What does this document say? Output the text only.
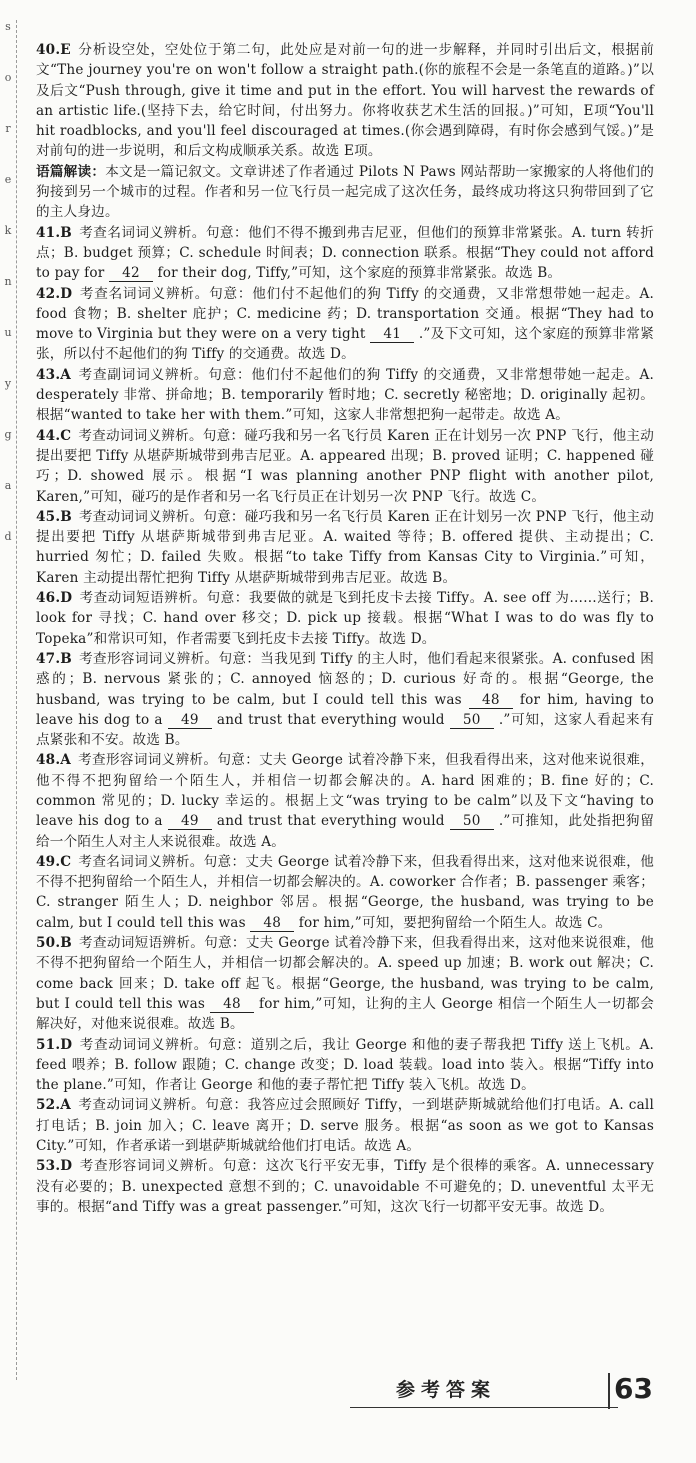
s
o
r
e
k
n
u
y
g
a
d

40.E 分析设空处，空处位于第二句，此处应是对前一句的进一步解释，并同时引出后文，根据前文“The journey you're on won't follow a straight path.(你的旅程不会是一条笔直的道路。)”以及后文“Push through, give it time and put in the effort. You will harvest the rewards of an artistic life.(坚持下去，给它时间，付出努力。你将收获艺术生活的回报。)”可知，E项“You'll hit roadblocks, and you'll feel discouraged at times.(你会遇到障碍，有时你会感到气馁。)”是对前句的进一步说明，和后文构成顺承关系。故选 E项。

语篇解读：本文是一篇记叙文。文章讲述了作者通过 Pilots N Paws 网站帮助一家搬家的人将他们的狗接到另一个城市的过程。作者和另一位飞行员一起完成了这次任务，最终成功将这只狗带回到了它的主人身边。

41.B 考查名词词义辨析。句意：他们不得不搬到弗吉尼亚，但他们的预算非常紧张。A. turn 转折点；B. budget 预算；C. schedule 时间表；D. connection 联系。根据“They could not afford to pay for 42 for their dog, Tiffy,”可知，这个家庭的预算非常紧张。故选 B。

42.D 考查名词词义辨析。句意：他们付不起他们的狗 Tiffy 的交通费，又非常想带她一起走。A. food 食物；B. shelter 庇护；C. medicine 药；D. transportation 交通。根据“They had to move to Virginia but they were on a very tight 41 .”及下文可知，这个家庭的预算非常紧张，所以付不起他们的狗 Tiffy 的交通费。故选 D。

43.A 考查副词词义辨析。句意：他们付不起他们的狗 Tiffy 的交通费，又非常想带她一起走。A. desperately 非常、拼命地；B. temporarily 暂时地；C. secretly 秘密地；D. originally 起初。根据“wanted to take her with them.”可知，这家人非常想把狗一起带走。故选 A。

44.C 考查动词词义辨析。句意：碰巧我和另一名飞行员 Karen 正在计划另一次 PNP 飞行，他主动提出要把 Tiffy 从堪萨斯城带到弗吉尼亚。A. appeared 出现；B. proved 证明；C. happened 碰巧；D. showed 展示。根据“I was planning another PNP flight with another pilot, Karen,”可知，碰巧的是作者和另一名飞行员正在计划另一次 PNP 飞行。故选 C。

45.B 考查动词词义辨析。句意：碰巧我和另一名飞行员 Karen 正在计划另一次 PNP 飞行，他主动提出要把 Tiffy 从堪萨斯城带到弗吉尼亚。A. waited 等待；B. offered 提供、主动提出；C. hurried 匆忙；D. failed 失败。根据“to take Tiffy from Kansas City to Virginia.”可知，Karen 主动提出帮忙把狗 Tiffy 从堪萨斯城带到弗吉尼亚。故选 B。

46.D 考查动词短语辨析。句意：我要做的就是飞到托皮卡去接 Tiffy。A. see off 为……送行；B. look for 寻找；C. hand over 移交；D. pick up 接载。根据“What I was to do was fly to Topeka”和常识可知，作者需要飞到托皮卡去接 Tiffy。故选 D。

47.B 考查形容词词义辨析。句意：当我见到 Tiffy 的主人时，他们看起来很紧张。A. confused 困惑的；B. nervous 紧张的；C. annoyed 恼怒的；D. curious 好奇的。根据“George, the husband, was trying to be calm, but I could tell this was 48 for him, having to leave his dog to a 49 and trust that everything would 50 .”可知，这家人看起来有点紧张和不安。故选 B。

48.A 考查形容词词义辨析。句意：丈夫 George 试着冷静下来，但我看得出来，这对他来说很难，他不得不把狗留给一个陌生人，并相信一切都会解决的。A. hard 困难的；B. fine 好的；C. common 常见的；D. lucky 幸运的。根据上文“was trying to be calm”以及下文“having to leave his dog to a 49 and trust that everything would 50 .”可推知，此处指把狗留给一个陌生人对主人来说很难。故选 A。

49.C 考查名词词义辨析。句意：丈夫 George 试着冷静下来，但我看得出来，这对他来说很难，他不得不把狗留给一个陌生人，并相信一切都会解决的。A. coworker 合作者；B. passenger 乘客；C. stranger 陌生人；D. neighbor 邻居。根据“George, the husband, was trying to be calm, but I could tell this was 48 for him,”可知，要把狗留给一个陌生人。故选 C。

50.B 考查动词短语辨析。句意：丈夫 George 试着冷静下来，但我看得出来，这对他来说很难，他不得不把狗留给一个陌生人，并相信一切都会解决的。A. speed up 加速；B. work out 解决；C. come back 回来；D. take off 起飞。根据“George, the husband, was trying to be calm, but I could tell this was 48 for him,”可知，让狗的主人 George 相信一个陌生人一切都会解决好，对他来说很难。故选 B。

51.D 考查动词词义辨析。句意：道别之后，我让 George 和他的妻子帮我把 Tiffy 送上飞机。A. feed 喂养；B. follow 跟随；C. change 改变；D. load 装载。load into 装入。根据“Tiffy into the plane.”可知，作者让 George 和他的妻子帮忙把 Tiffy 装入飞机。故选 D。

52.A 考查动词词义辨析。句意：我答应过会照顾好 Tiffy，一到堪萨斯城就给他们打电话。A. call 打电话；B. join 加入；C. leave 离开；D. serve 服务。根据“as soon as we got to Kansas City.”可知，作者承诺一到堪萨斯城就给他们打电话。故选 A。

53.D 考查形容词词义辨析。句意：这次飞行平安无事，Tiffy 是个很棒的乘客。A. unnecessary 没有必要的；B. unexpected 意想不到的；C. unavoidable 不可避免的；D. uneventful 太平无事的。根据“and Tiffy was a great passenger.”可知，这次飞行一切都平安无事。故选 D。

参考答案	63
